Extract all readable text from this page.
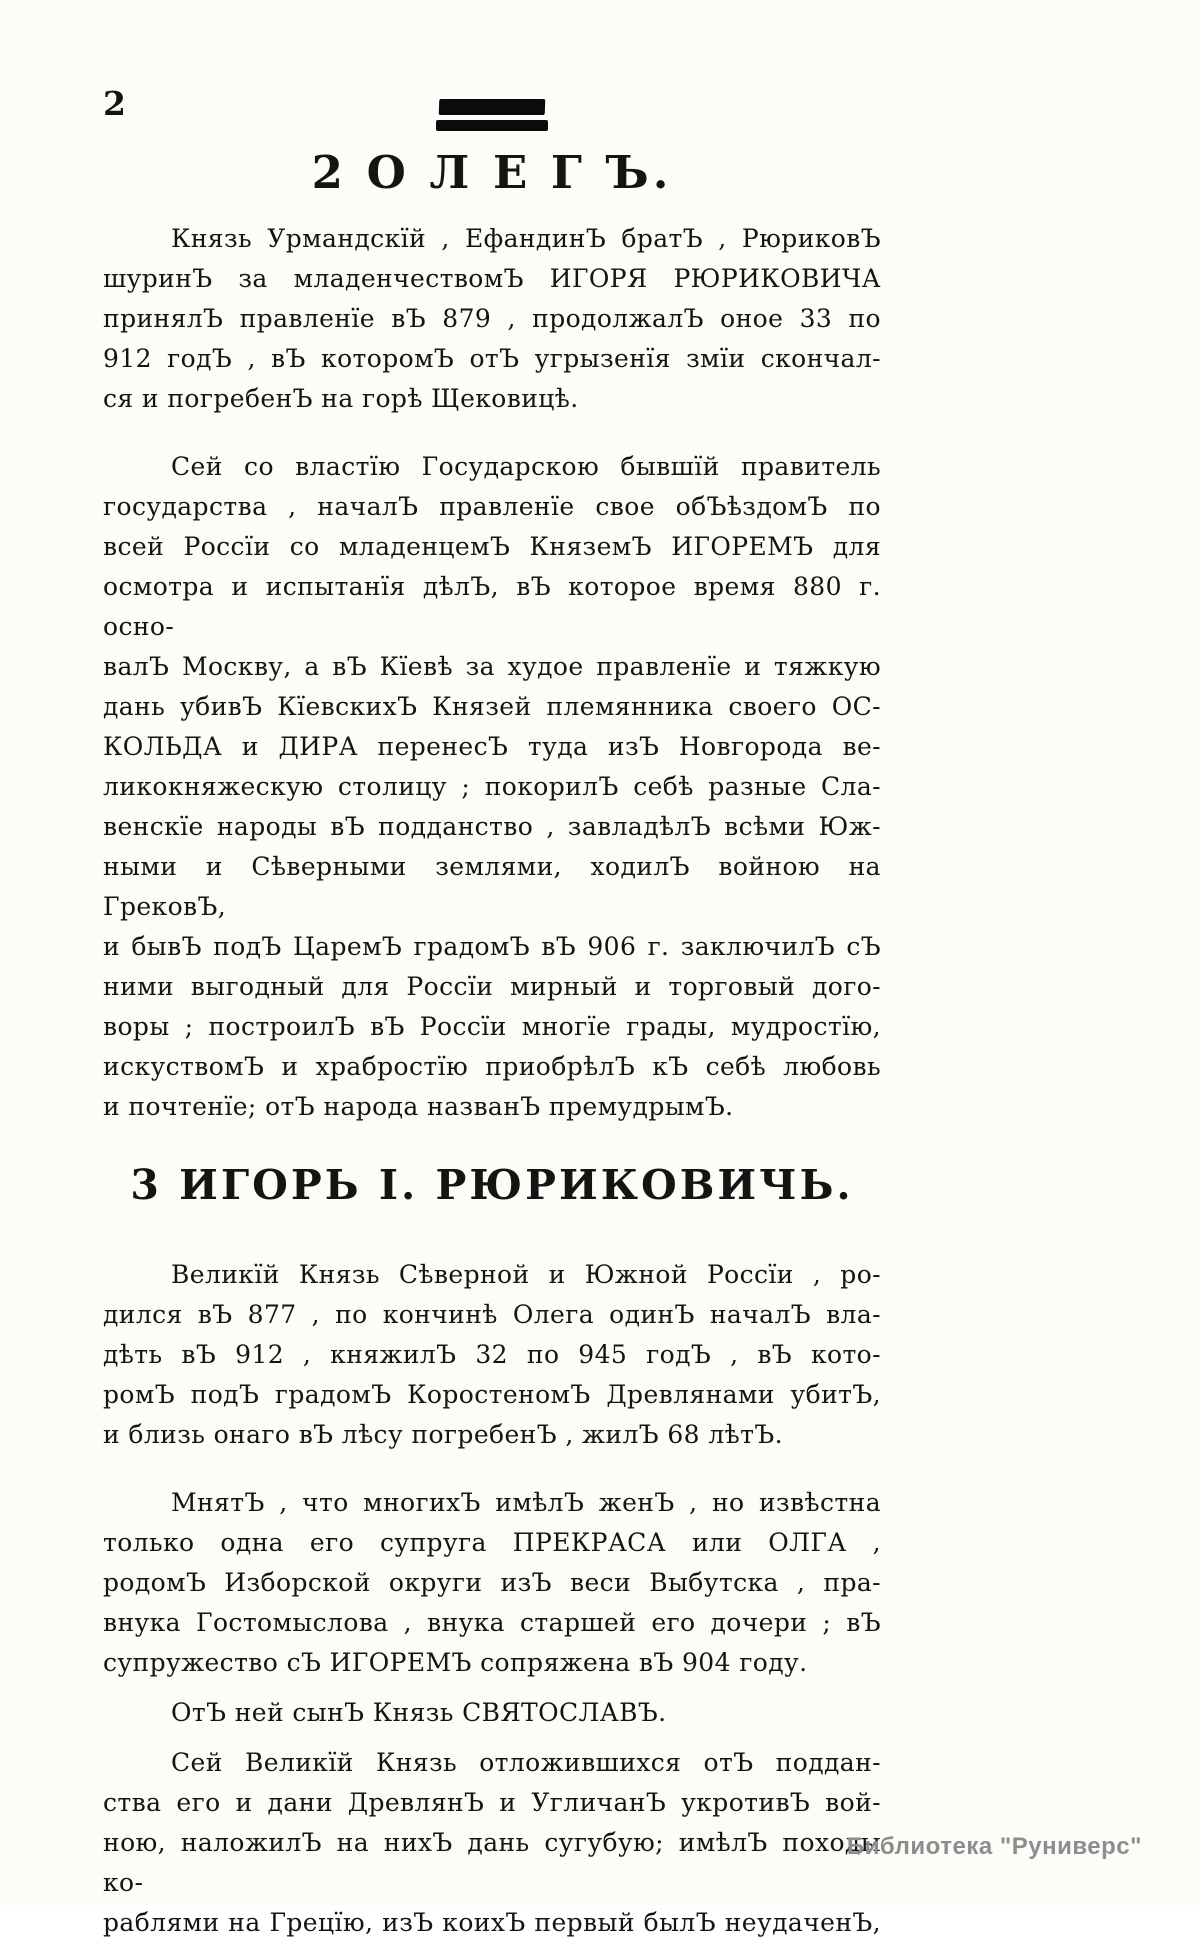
2
2 О Л Е Г Ъ.
Князь Урмандскїй , ЕфандинЪ братЪ , РюриковЪ
шуринЪ за младенчествомЪ ИГОРЯ РЮРИКОВИЧА
принялЪ правленїе вЪ 879 , продолжалЪ оное 33 по
912 годЪ , вЪ которомЪ отЪ угрызенїя змїи скончал-
ся и погребенЪ на горѣ Щековицѣ.
Сей со властїю Государскою бывшїй правитель
государства , началЪ правленїе свое обЪѣздомЪ по
всей Россїи со младенцемЪ КняземЪ ИГОРЕМЪ для
осмотра и испытанїя дѣлЪ, вЪ которое время 880 г. осно-
валЪ Москву, а вЪ Кїевѣ за худое правленїе и тяжкую
дань убивЪ КїевскихЪ Князей племянника своего ОС-
КОЛЬДА и ДИРА перенесЪ туда изЪ Новгорода ве-
ликокняжескую столицу ; покорилЪ себѣ разные Сла-
венскїе народы вЪ подданство , завладѣлЪ всѣми Юж-
ными и Сѣверными землями, ходилЪ войною на ГрековЪ,
и бывЪ подЪ ЦаремЪ градомЪ вЪ 906 г. заключилЪ сЪ
ними выгодный для Россїи мирный и торговый дого-
воры ; построилЪ вЪ Россїи многїе грады, мудростїю,
искуствомЪ и храбростїю приобрѣлЪ кЪ себѣ любовь
и почтенїе; отЪ народа названЪ премудрымЪ.
3 ИГОРЬ I. РЮРИКОВИЧЬ.
Великїй Князь Сѣверной и Южной Россїи , ро-
дился вЪ 877 , по кончинѣ Олега одинЪ началЪ вла-
дѣть вЪ 912 , княжилЪ 32 по 945 годЪ , вЪ кото-
ромЪ подЪ градомЪ КоростеномЪ Древлянами убитЪ,
и близь онаго вЪ лѣсу погребенЪ , жилЪ 68 лѣтЪ.
МнятЪ , что многихЪ имѣлЪ женЪ , но извѣстна
только одна его супруга ПРЕКРАСА или ОЛГА ,
родомЪ Изборской округи изЪ веси Выбутска , пра-
внука Гостомыслова , внука старшей его дочери ; вЪ
супружество сЪ ИГОРЕМЪ сопряжена вЪ 904 году.
ОтЪ ней сынЪ Князь СВЯТОСЛАВЪ.
Сей Великїй Князь отложившихся отЪ поддан-
ства его и дани ДревлянЪ и УгличанЪ укротивЪ вой-
ною, наложилЪ на нихЪ дань сугубую; имѣлЪ походы ко-
раблями на Грецїю, изЪ коихЪ первый былЪ неудаченЪ,
Библиотека "Руниверс"
